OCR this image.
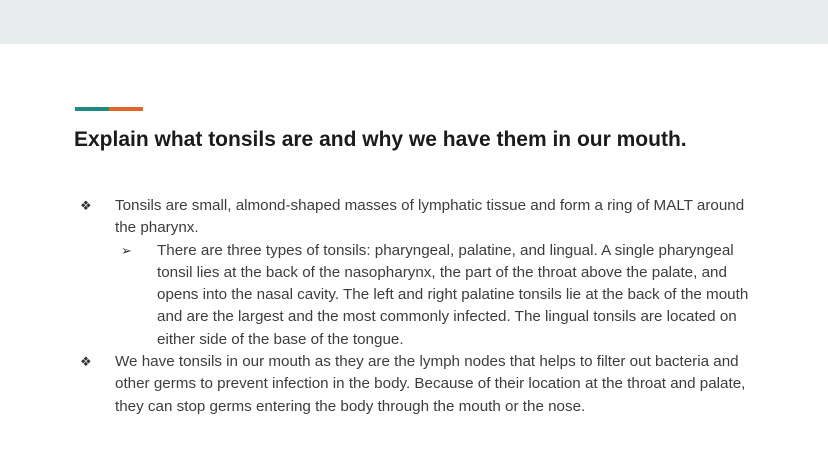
Explain what tonsils are and why we have them in our mouth.
❖ Tonsils are small, almond-shaped masses of lymphatic tissue and form a ring of MALT around the pharynx.
➢ There are three types of tonsils: pharyngeal, palatine, and lingual. A single pharyngeal tonsil lies at the back of the nasopharynx, the part of the throat above the palate, and opens into the nasal cavity. The left and right palatine tonsils lie at the back of the mouth and are the largest and the most commonly infected. The lingual tonsils are located on either side of the base of the tongue.
❖ We have tonsils in our mouth as they are the lymph nodes that helps to filter out bacteria and other germs to prevent infection in the body. Because of their location at the throat and palate, they can stop germs entering the body through the mouth or the nose.
